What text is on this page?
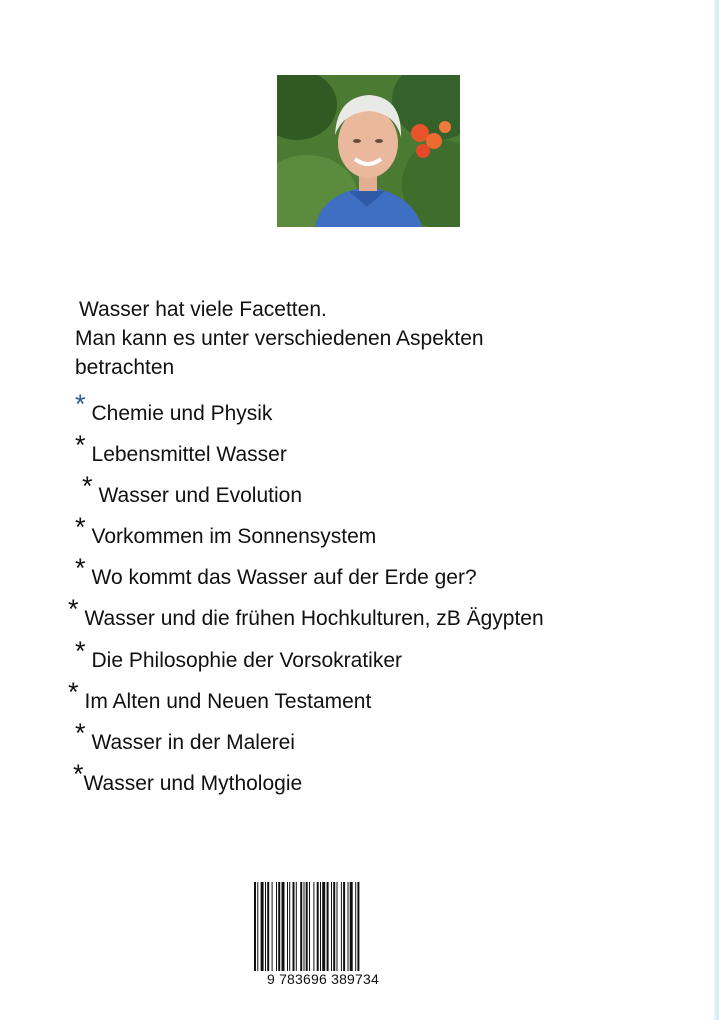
Wasser hat viele Facetten.
Man kann es unter verschiedenen Aspekten
betrachten
* Chemie und Physik
* Lebensmittel Wasser
* Wasser und Evolution
* Vorkommen im Sonnensystem
* Wo kommt das Wasser auf der Erde ger?
* Wasser und die frühen Hochkulturen, zB Ägypten
* Die Philosophie der Vorsokratiker
* Im Alten und Neuen Testament
* Wasser in der Malerei
*Wasser und Mythologie
9 783696 389734
